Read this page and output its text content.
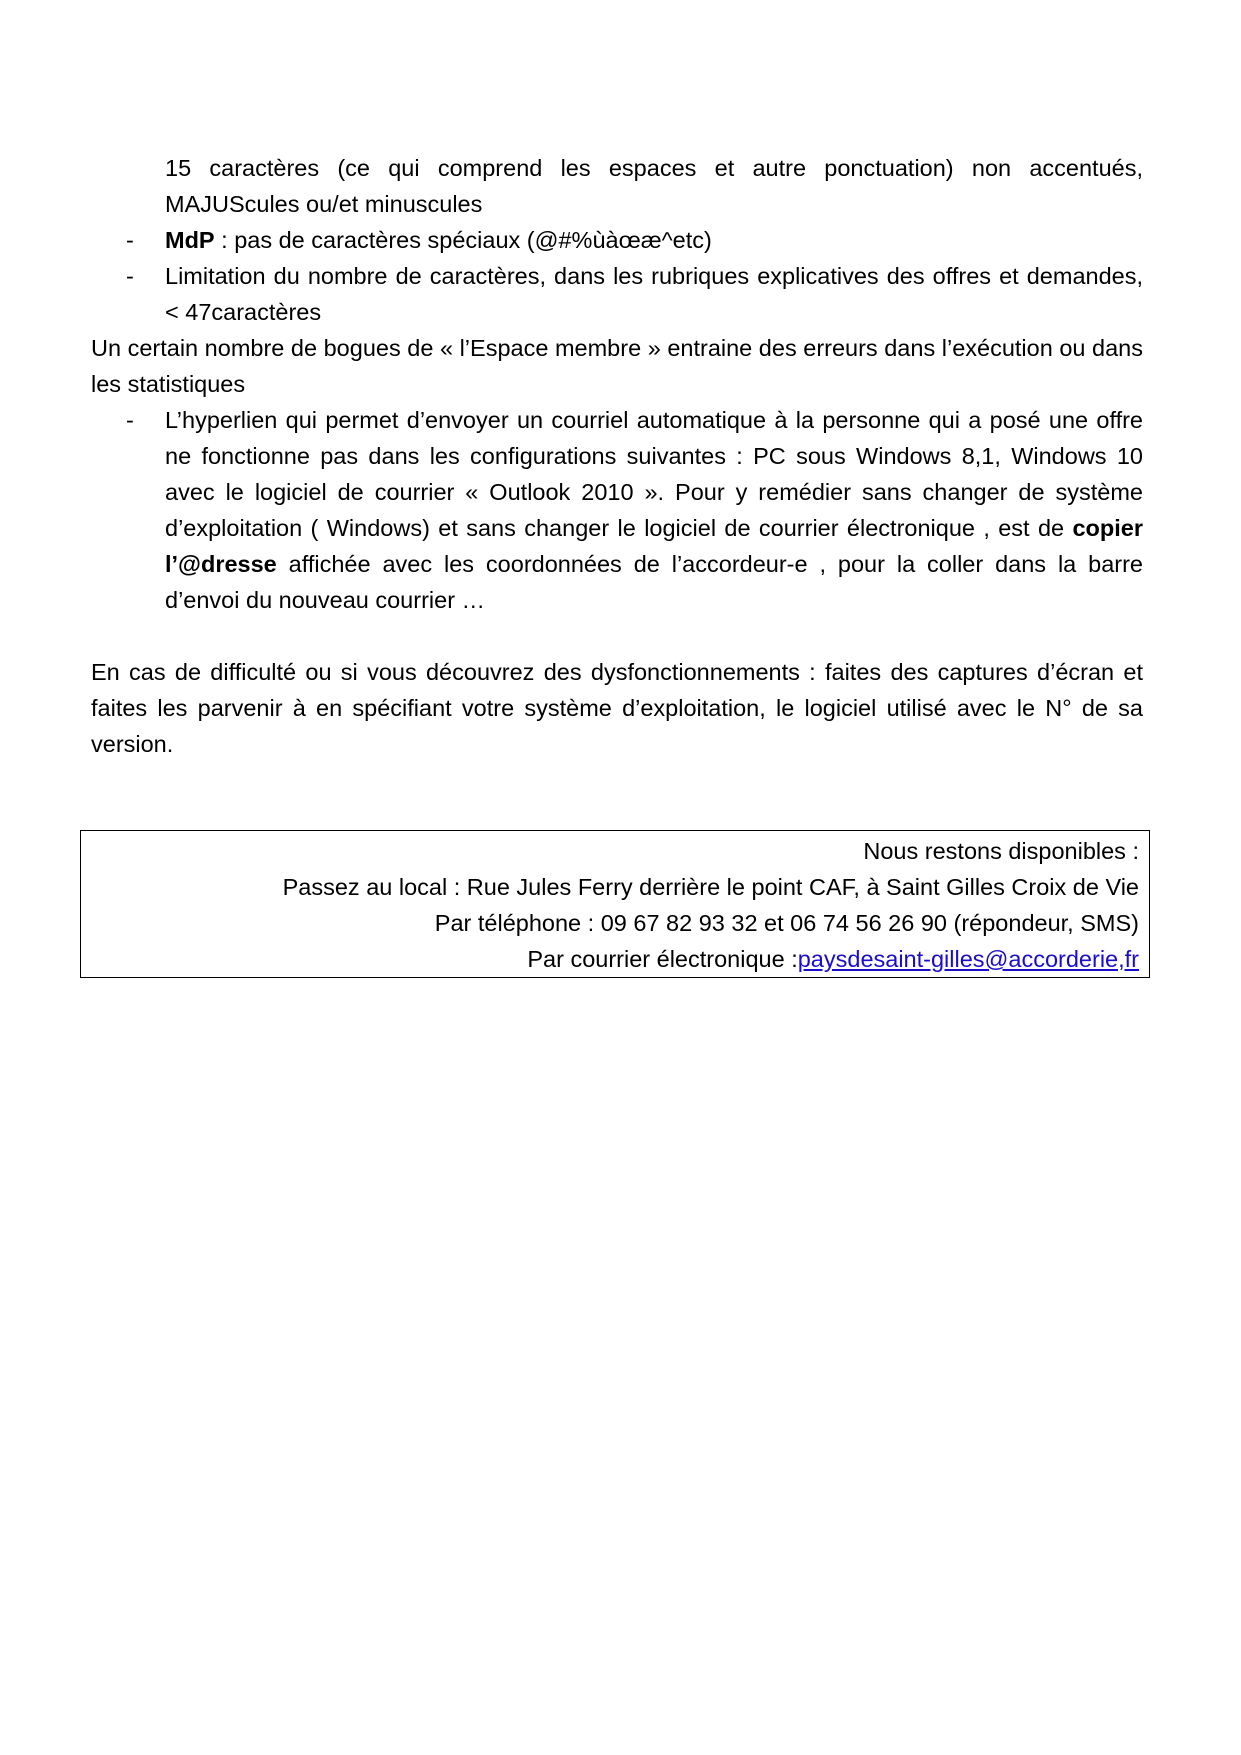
15 caractères (ce qui comprend les espaces et autre ponctuation) non accentués, MAJUScules ou/et minuscules

- MdP : pas de caractères spéciaux (@#%ùàœæ^etc)

- Limitation du nombre de caractères, dans les rubriques explicatives des offres et demandes, < 47caractères

Un certain nombre de bogues de « l’Espace membre » entraine des erreurs dans l’exécution ou dans les statistiques

- L’hyperlien qui permet d’envoyer un courriel automatique à la personne qui a posé une offre ne fonctionne pas dans les configurations suivantes : PC sous Windows 8,1, Windows 10 avec le logiciel de courrier « Outlook 2010 ». Pour y remédier sans changer de système d’exploitation ( Windows) et sans changer le logiciel de courrier électronique , est de copier l’@dresse affichée avec les coordonnées de l’accordeur-e , pour la coller dans la barre d’envoi du nouveau courrier …

En cas de difficulté ou si vous découvrez des dysfonctionnements : faites des captures d’écran et faites les parvenir à en spécifiant votre système d’exploitation, le logiciel utilisé avec le N° de sa version.

Nous restons disponibles :
Passez au local : Rue Jules Ferry derrière le point CAF, à Saint Gilles Croix de Vie
Par téléphone : 09 67 82 93 32 et 06 74 56 26 90 (répondeur, SMS)
Par courrier électronique :paysdesaint-gilles@accorderie,fr
